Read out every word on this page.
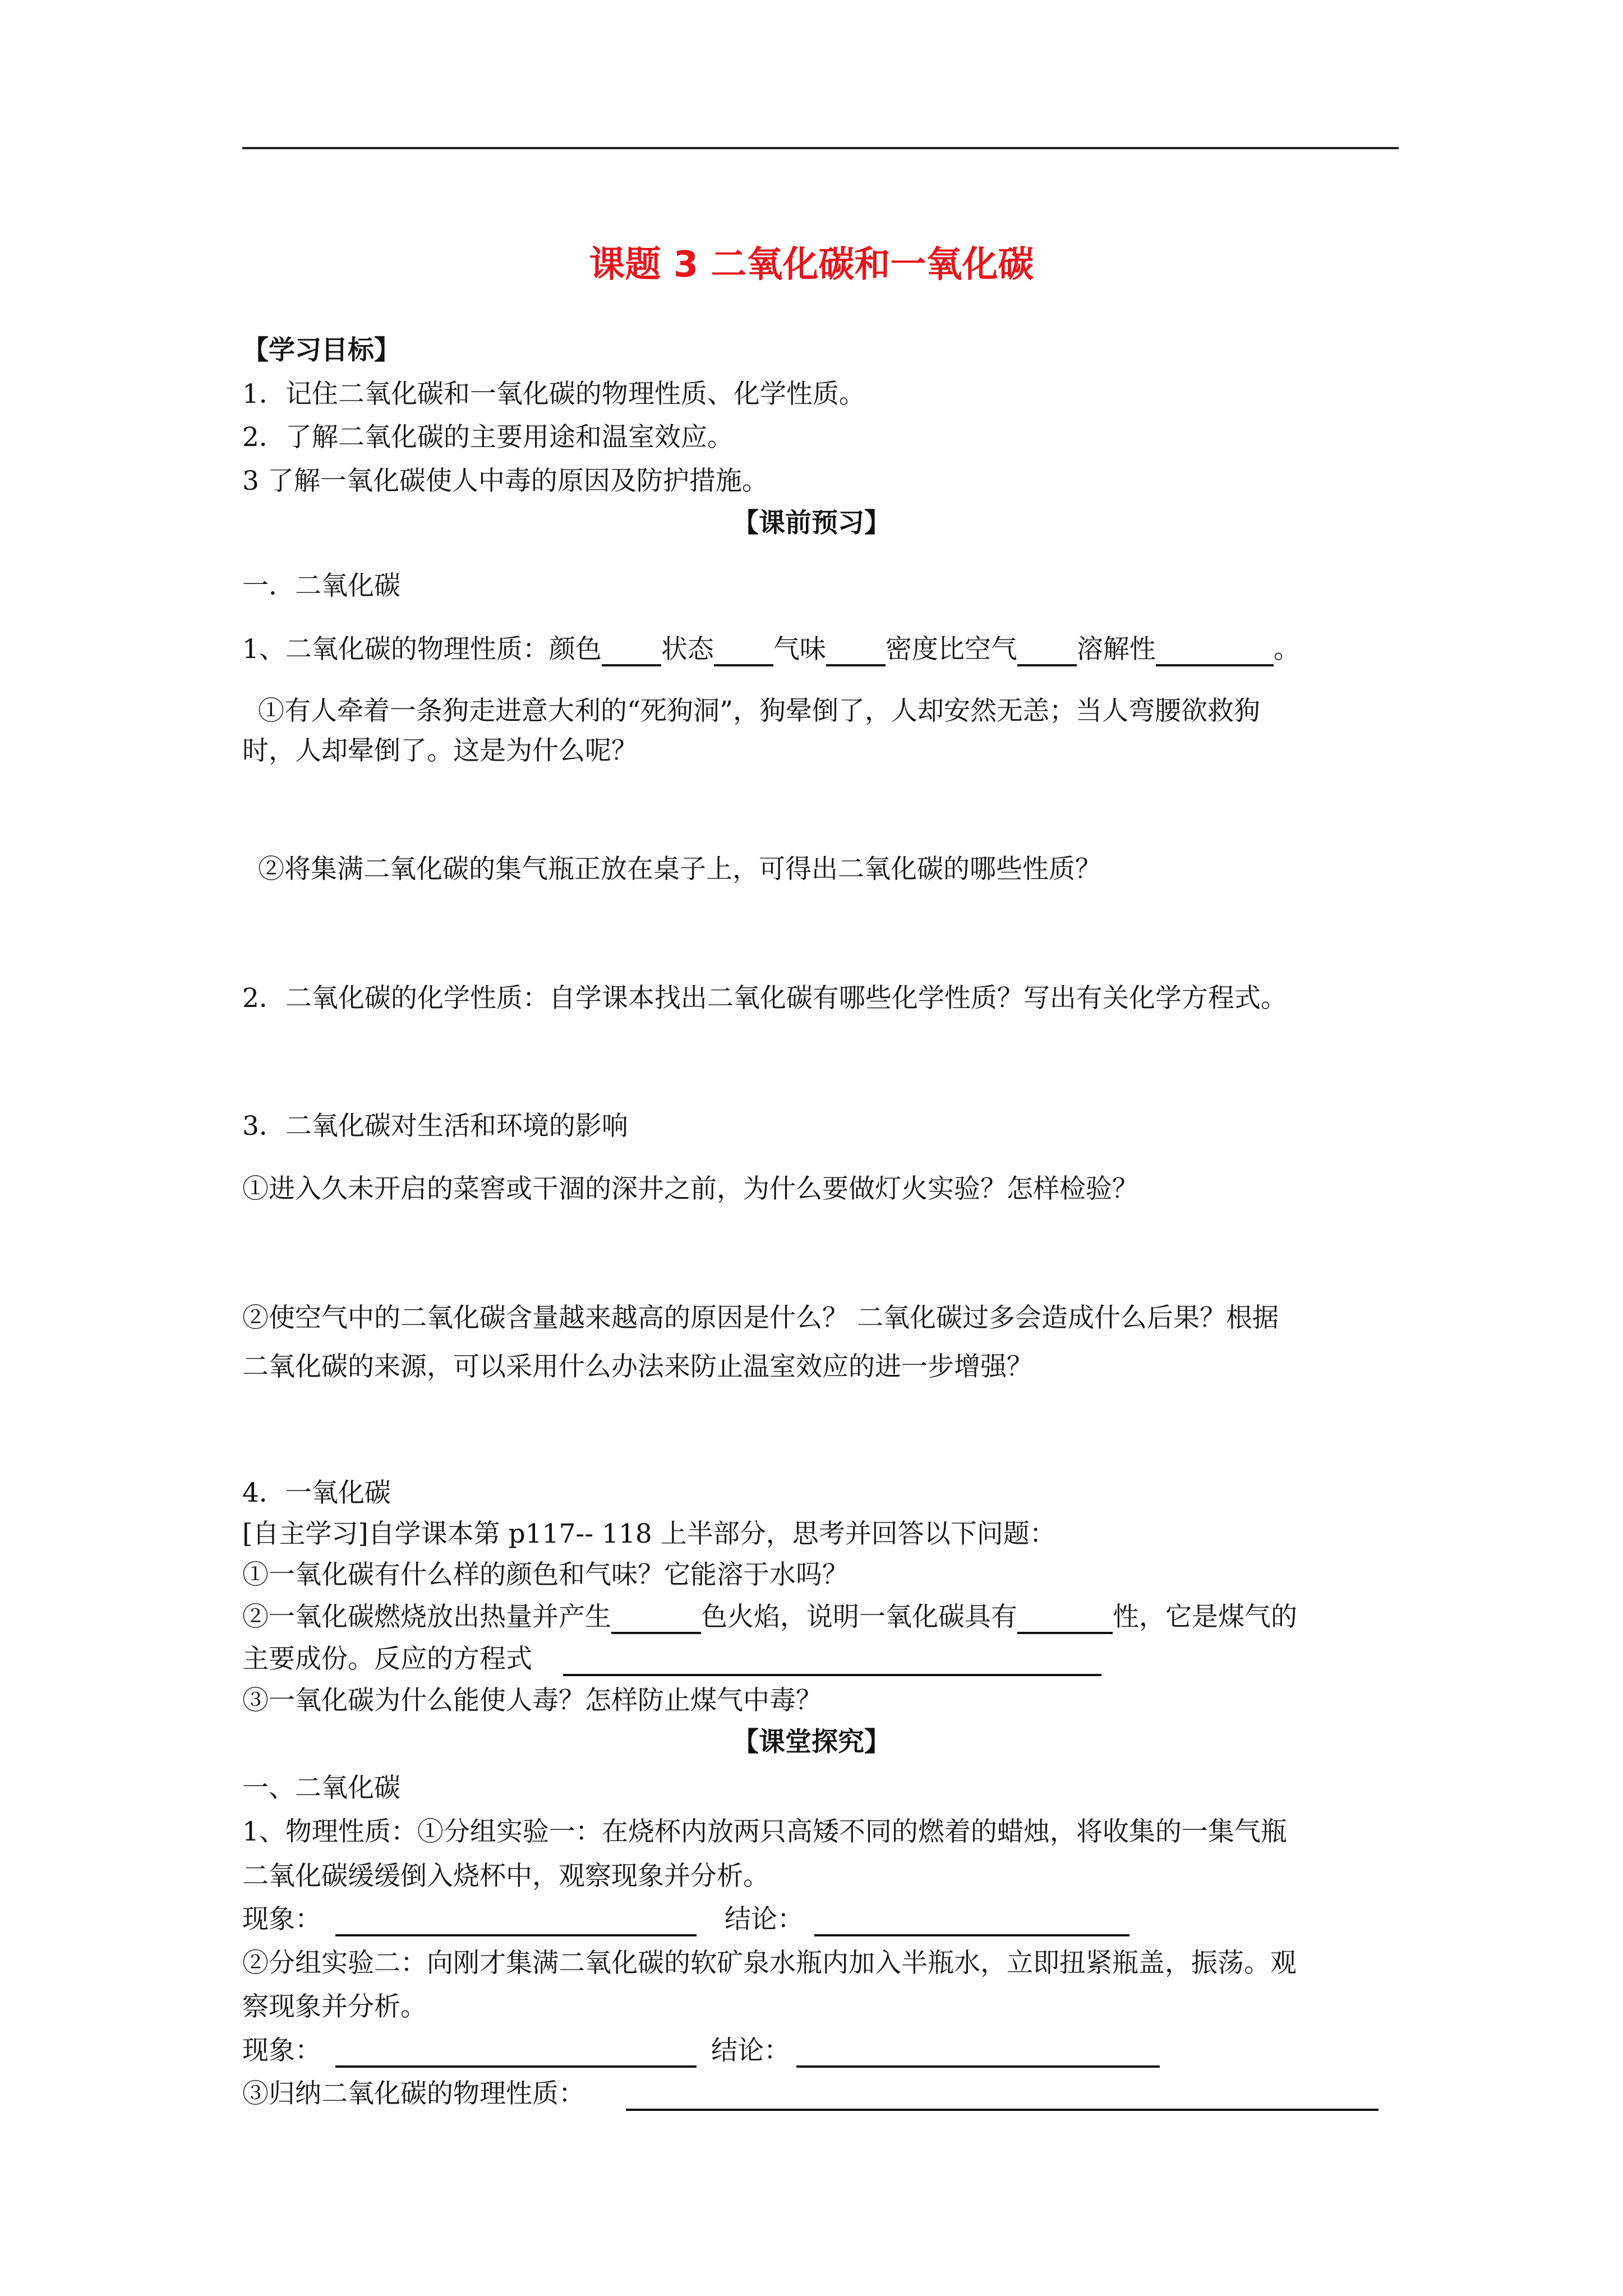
课题 3 二氧化碳和一氧化碳
【学习目标】
1．记住二氧化碳和一氧化碳的物理性质、化学性质。
2．了解二氧化碳的主要用途和温室效应。
3 了解一氧化碳使人中毒的原因及防护措施。
【课前预习】
一．二氧化碳
1、二氧化碳的物理性质：颜色 状态 气味 密度比空气 溶解性	。
①有人牵着一条狗走进意大利的“死狗洞”，狗晕倒了，人却安然无恙；当人弯腰欲救狗
时，人却晕倒了。这是为什么呢？
②将集满二氧化碳的集气瓶正放在桌子上，可得出二氧化碳的哪些性质？
2．二氧化碳的化学性质：自学课本找出二氧化碳有哪些化学性质？写出有关化学方程式。
3．二氧化碳对生活和环境的影响
①进入久未开启的菜窖或干涸的深井之前，为什么要做灯火实验？怎样检验？
②使空气中的二氧化碳含量越来越高的原因是什么？ 二氧化碳过多会造成什么后果？根据
二氧化碳的来源，可以采用什么办法来防止温室效应的进一步增强？
4．一氧化碳
[自主学习]自学课本第 p117-- 118 上半部分，思考并回答以下问题：
①一氧化碳有什么样的颜色和气味？它能溶于水吗？
②一氧化碳燃烧放出热量并产生	色火焰，说明一氧化碳具有	性，它是煤气的
主要成份。反应的方程式
③一氧化碳为什么能使人毒？怎样防止煤气中毒？
【课堂探究】
一、二氧化碳
1、物理性质：①分组实验一：在烧杯内放两只高矮不同的燃着的蜡烛，将收集的一集气瓶
二氧化碳缓缓倒入烧杯中，观察现象并分析。
现象：	结论：
②分组实验二：向刚才集满二氧化碳的软矿泉水瓶内加入半瓶水，立即扭紧瓶盖，振荡。观
察现象并分析。
现象：	结论：
③归纳二氧化碳的物理性质：
